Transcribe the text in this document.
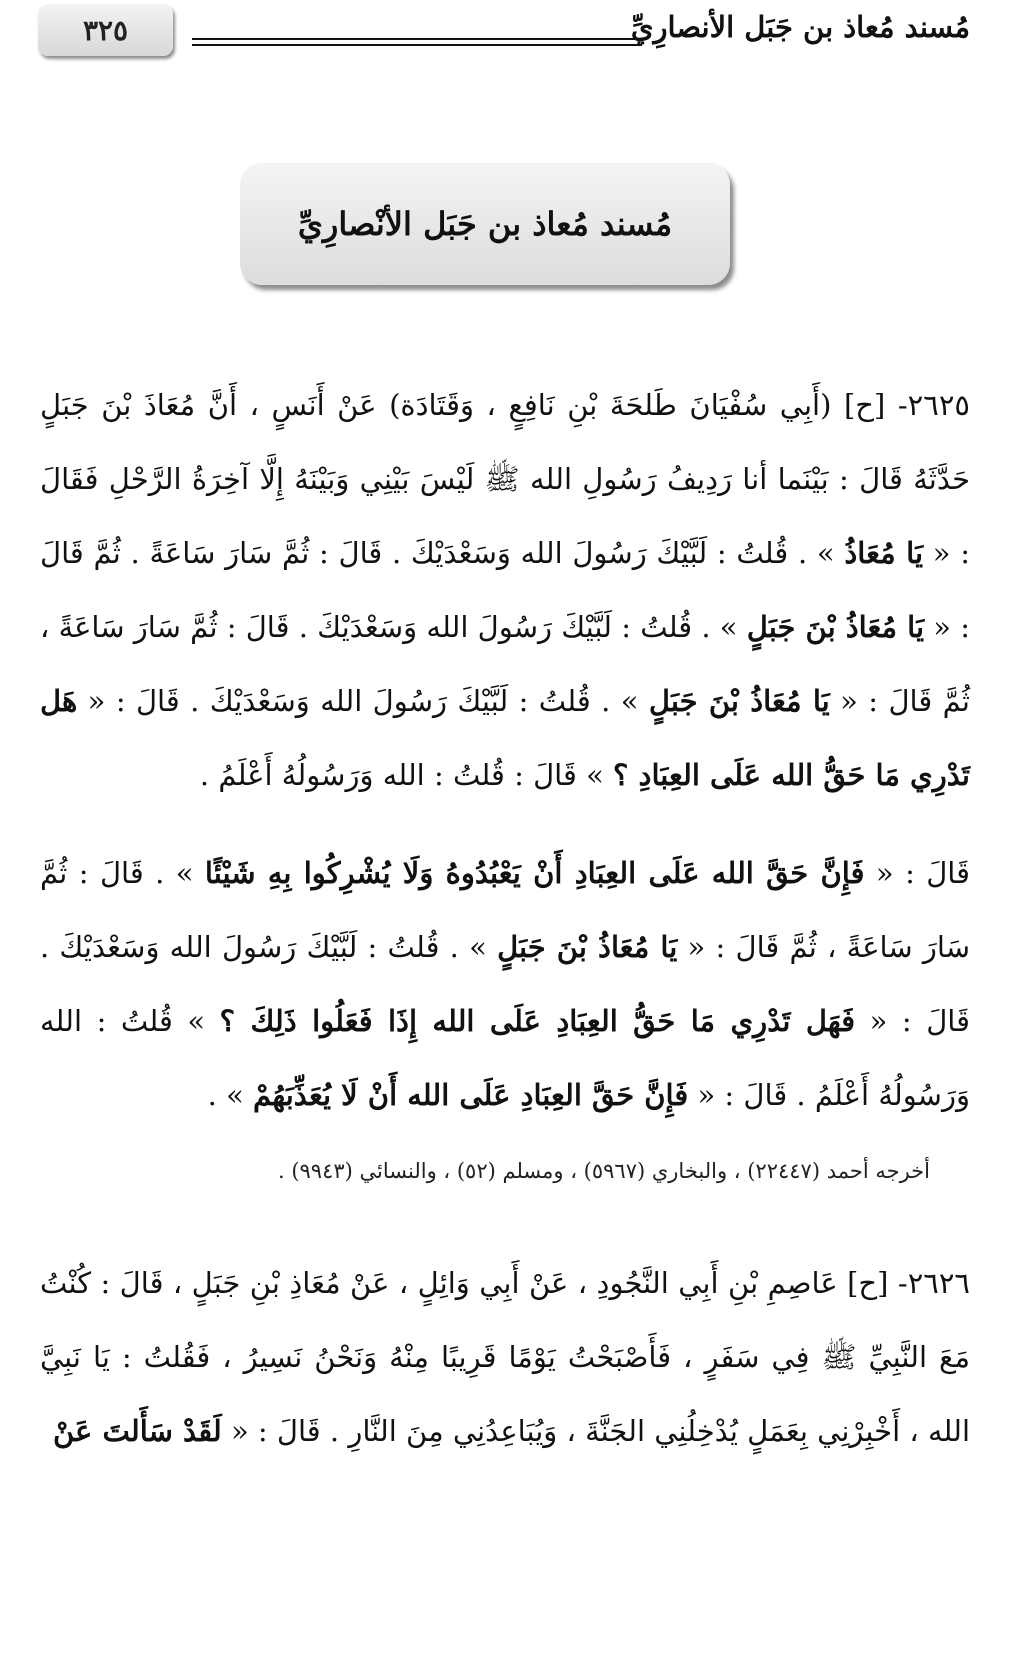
٣٢٥	مُسند مُعاذ بن جَبَل الأنصارِيِّ
مُسند مُعاذ بن جَبَل الأنْصارِيِّ
٢٦٢٥- [ح] (أَبِي سُفْيَانَ طَلحَةَ بْنِ نَافِعٍ ، وَقَتَادَة) عَنْ أَنَسٍ ، أَنَّ مُعَاذَ بْنَ جَبَلٍ حَدَّثَهُ قَالَ : بَيْنَما أنا رَدِيفُ رَسُولِ الله ﷺ لَيْسَ بَيْنِي وَبَيْنَهُ إِلَّا آخِرَةُ الرَّحْلِ فَقَالَ : « يَا مُعَاذُ » . قُلتُ : لَبَّيْكَ رَسُولَ الله وَسَعْدَيْكَ . قَالَ : ثُمَّ سَارَ سَاعَةً . ثُمَّ قَالَ : « يَا مُعَاذُ بْنَ جَبَلٍ » . قُلتُ : لَبَّيْكَ رَسُولَ الله وَسَعْدَيْكَ . قَالَ : ثُمَّ سَارَ سَاعَةً ، ثُمَّ قَالَ : « يَا مُعَاذُ بْنَ جَبَلٍ » . قُلتُ : لَبَّيْكَ رَسُولَ الله وَسَعْدَيْكَ . قَالَ : « هَل تَدْرِي مَا حَقُّ الله عَلَى العِبَادِ ؟ » قَالَ : قُلتُ : الله وَرَسُولُهُ أَعْلَمُ .
قَالَ : « فَإِنَّ حَقَّ الله عَلَى العِبَادِ أَنْ يَعْبُدُوهُ وَلَا يُشْرِكُوا بِهِ شَيْئًا » . قَالَ : ثُمَّ سَارَ سَاعَةً ، ثُمَّ قَالَ : « يَا مُعَاذُ بْنَ جَبَلٍ » . قُلتُ : لَبَّيْكَ رَسُولَ الله وَسَعْدَيْكَ . قَالَ : « فَهَل تَدْرِي مَا حَقُّ العِبَادِ عَلَى الله إِذَا فَعَلُوا ذَلِكَ ؟ » قُلتُ : الله وَرَسُولُهُ أَعْلَمُ . قَالَ : « فَإِنَّ حَقَّ العِبَادِ عَلَى الله أَنْ لَا يُعَذِّبَهُمْ » .
أخرجه أحمد (٢٢٤٤٧) ، والبخاري (٥٩٦٧) ، ومسلم (٥٢) ، والنسائي (٩٩٤٣) .
٢٦٢٦- [ح] عَاصِمِ بْنِ أَبِي النَّجُودِ ، عَنْ أَبِي وَائِلٍ ، عَنْ مُعَاذِ بْنِ جَبَلٍ ، قَالَ : كُنْتُ مَعَ النَّبِيِّ ﷺ فِي سَفَرٍ ، فَأَصْبَحْتُ يَوْمًا قَرِيبًا مِنْهُ وَنَحْنُ نَسِيرُ ، فَقُلتُ : يَا نَبِيَّ الله ، أَخْبِرْنِي بِعَمَلٍ يُدْخِلُنِي الجَنَّةَ ، وَيُبَاعِدُنِي مِنَ النَّارِ . قَالَ : « لَقَدْ سَأَلتَ عَنْ
